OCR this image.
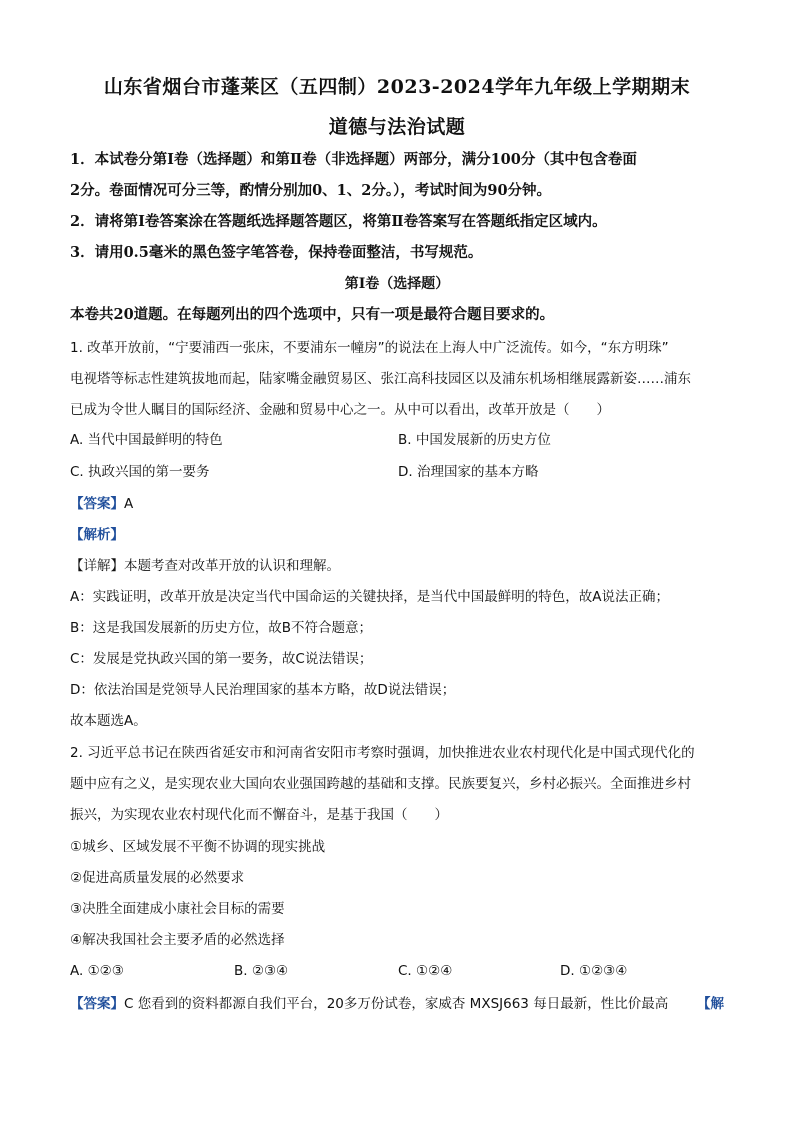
山东省烟台市蓬莱区（五四制）2023-2024学年九年级上学期期末
道德与法治试题
1．本试卷分第Ⅰ卷（选择题）和第Ⅱ卷（非选择题）两部分，满分100分（其中包含卷面
2分。卷面情况可分三等，酌情分别加0、1、2分。），考试时间为90分钟。
2．请将第Ⅰ卷答案涂在答题纸选择题答题区，将第Ⅱ卷答案写在答题纸指定区域内。
3．请用0.5毫米的黑色签字笔答卷，保持卷面整洁，书写规范。
第Ⅰ卷（选择题）
本卷共20道题。在每题列出的四个选项中，只有一项是最符合题目要求的。
1. 改革开放前，“宁要浦西一张床，不要浦东一幢房”的说法在上海人中广泛流传。如今，“东方明珠”
电视塔等标志性建筑拔地而起，陆家嘴金融贸易区、张江高科技园区以及浦东机场相继展露新姿……浦东
已成为令世人瞩目的国际经济、金融和贸易中心之一。从中可以看出，改革开放是（　　）
A. 当代中国最鲜明的特色	B. 中国发展新的历史方位
C. 执政兴国的第一要务	D. 治理国家的基本方略
【答案】A
【解析】
【详解】本题考查对改革开放的认识和理解。
A：实践证明，改革开放是决定当代中国命运的关键抉择，是当代中国最鲜明的特色，故A说法正确；
B：这是我国发展新的历史方位，故B不符合题意；
C：发展是党执政兴国的第一要务，故C说法错误；
D：依法治国是党领导人民治理国家的基本方略，故D说法错误；
故本题选A。
2. 习近平总书记在陕西省延安市和河南省安阳市考察时强调，加快推进农业农村现代化是中国式现代化的
题中应有之义，是实现农业大国向农业强国跨越的基础和支撑。民族要复兴，乡村必振兴。全面推进乡村
振兴，为实现农业农村现代化而不懈奋斗，是基于我国（　　）
①城乡、区域发展不平衡不协调的现实挑战
②促进高质量发展的必然要求
③决胜全面建成小康社会目标的需要
④解决我国社会主要矛盾的必然选择
A. ①②③	B. ②③④	C. ①②④	D. ①②③④
【答案】C 您看到的资料都源自我们平台，20多万份试卷，家威杏 MXSJ663 每日最新，性比价最高 【解
